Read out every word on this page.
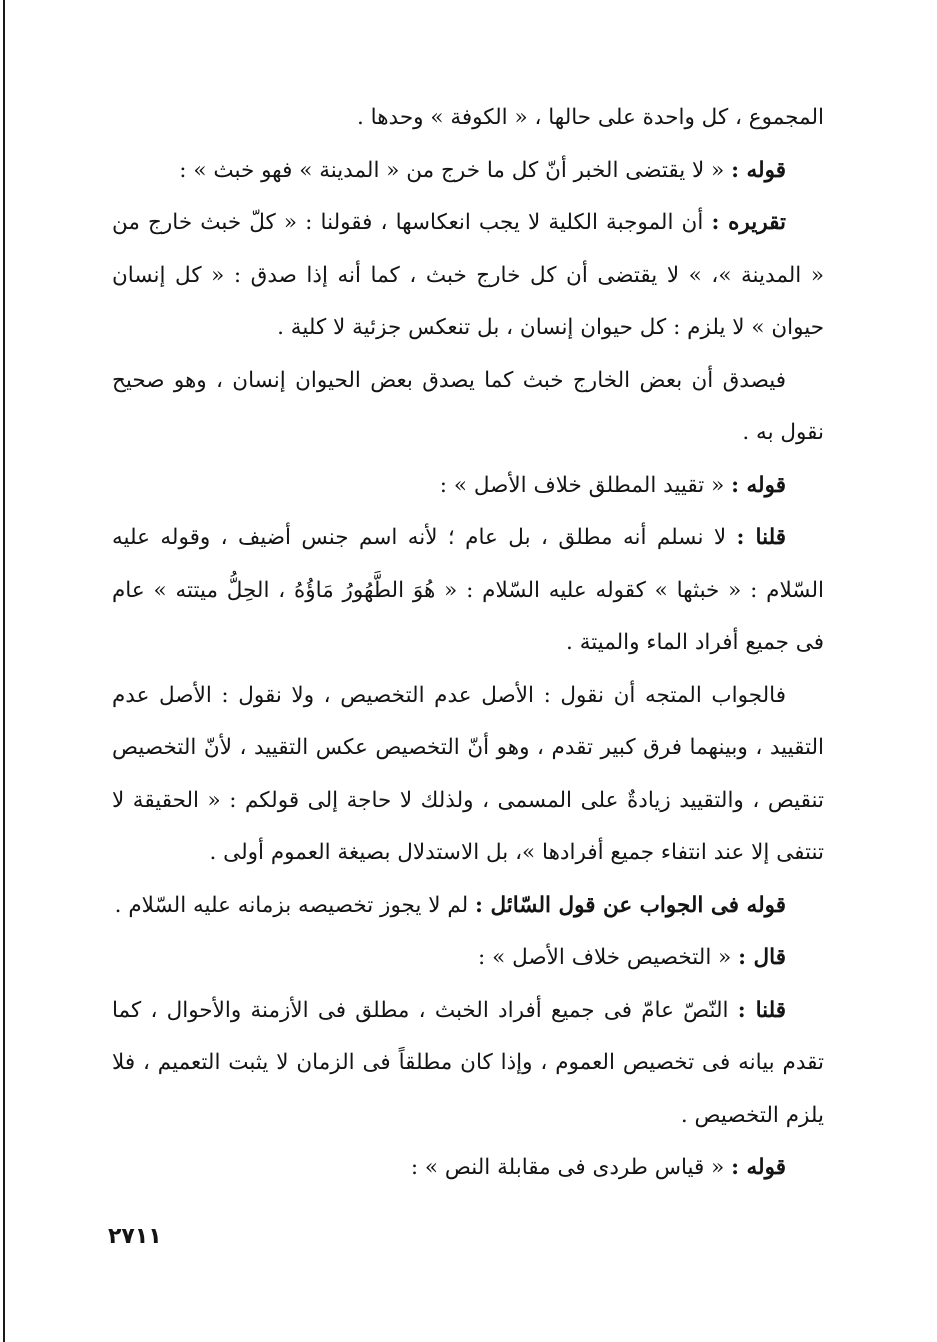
المجموع ، كل واحدة على حالها ، « الكوفة » وحدها .

قوله : « لا يقتضى الخبر أنّ كل ما خرج من « المدينة » فهو خبث » :

تقريره : أن الموجبة الكلية لا يجب انعكاسها ، فقولنا : « كلّ خبث خارج من « المدينة »، » لا يقتضى أن كل خارج خبث ، كما أنه إذا صدق : « كل إنسان حيوان » لا يلزم : كل حيوان إنسان ، بل تنعكس جزئية لا كلية .

فيصدق أن بعض الخارج خبث كما يصدق بعض الحيوان إنسان ، وهو صحيح نقول به .

قوله : « تقييد المطلق خلاف الأصل » :

قلنا : لا نسلم أنه مطلق ، بل عام ؛ لأنه اسم جنس أضيف ، وقوله عليه السّلام : « خبثها » كقوله عليه السّلام : « هُوَ الطَّهُورُ مَاؤُهُ ، الحِلُّ ميتته » عام فى جميع أفراد الماء والميتة .

فالجواب المتجه أن نقول : الأصل عدم التخصيص ، ولا نقول : الأصل عدم التقييد ، وبينهما فرق كبير تقدم ، وهو أنّ التخصيص عكس التقييد ، لأنّ التخصيص تنقيص ، والتقييد زيادةٌ على المسمى ، ولذلك لا حاجة إلى قولكم : « الحقيقة لا تنتفى إلا عند انتفاء جميع أفرادها »، بل الاستدلال بصيغة العموم أولى .

قوله فى الجواب عن قول السّائل : لم لا يجوز تخصيصه بزمانه عليه السّلام .

قال : « التخصيص خلاف الأصل » :

قلنا : النّصّ عامّ فى جميع أفراد الخبث ، مطلق فى الأزمنة والأحوال ، كما تقدم بيانه فى تخصيص العموم ، وإذا كان مطلقاً فى الزمان لا يثبت التعميم ، فلا يلزم التخصيص .

قوله : « قياس طردى فى مقابلة النص » :

٢٧١١
